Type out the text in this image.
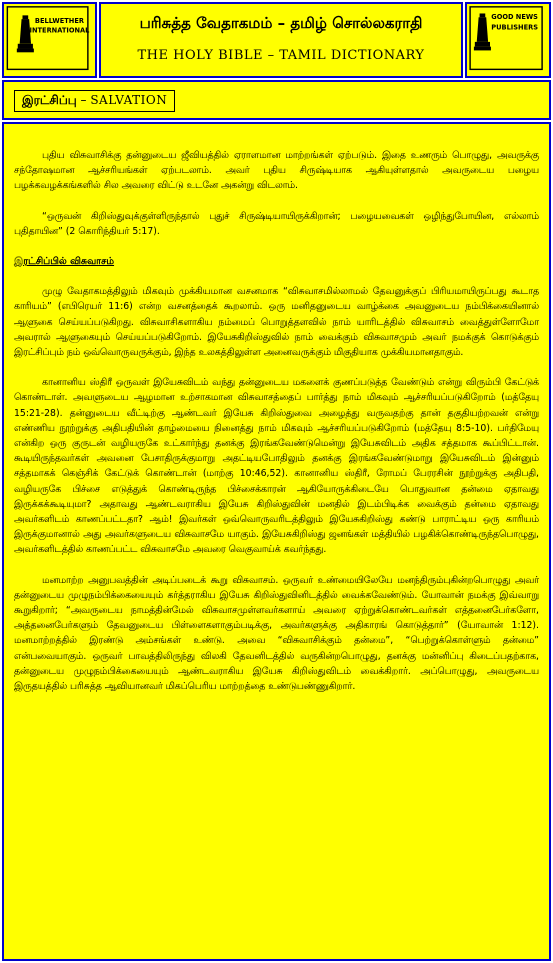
BELLWETHER
INTERNATIONAL	பரிசுத்த வேதாகமம் – தமிழ் சொல்லகராதி
THE HOLY BIBLE – TAMIL DICTIONARY
GOOD NEWS
PUBLISHERS
இரட்சிப்பு – SALVATION

புதிய விசுவாசிக்கு தன்னுடைய ஜீவியத்தில் ஏராளமான மாற்றங்கள் ஏற்படும். இதை உணரும் பொழுது, அவருக்கு சந்தோஷமான ஆச்சரியங்கள் ஏற்படலாம். அவர் புதிய சிருஷ்டியாக ஆகியுள்ளதால் அவருடைய பழைய பழக்கவழக்கங்களில் சில அவரை விட்டு உடனே அகன்று விடலாம்.

“ஒருவன் கிறிஸ்துவுக்குள்ளிருந்தால் புதுச் சிருஷ்டியாயிருக்கிறான்; பழையவைகள் ஒழிந்துபோயின, எல்லாம் புதிதாயின” (2 கொரிந்தியர் 5:17).

இரட்சிப்பில் விசுவாசம்

முழு வேதாகமத்திலும் மிகவும் முக்கியமான வசனமாக “விசுவாசமில்லாமல் தேவனுக்குப் பிரியமாயிருப்பது கூடாத காரியம்” (எபிரெயர் 11:6) என்ற வசனத்தைக் கூறலாம். ஒரு மனிதனுடைய வாழ்க்கை அவனுடைய நம்பிக்கையினால் ஆளுகை செய்யப்படுகிறது. விசுவாசிகளாகிய நம்மைப் பொறுத்தளவில் நாம் யாரிடத்தில் விசுவாசம் வைத்துள்ளோமோ அவரால் ஆளுகையும் செய்யப்படுகிறோம். இயேசுகிறிஸ்துவில் நாம் வைக்கும் விசுவாசமும் அவர் நமக்குக் கொடுக்கும் இரட்சிப்பும் நம் ஒவ்வொருவருக்கும், இந்த உலகத்திலுள்ள அனைவருக்கும் மிகுதியாக முக்கியமானதாகும்.

கானானிய ஸ்திரீ ஒருவள் இயேசுவிடம் வந்து தன்னுடைய மகளைக் குணப்படுத்த வேண்டும் என்று விரும்பி கேட்டுக் கொண்டாள். அவளுடைய ஆழமான உற்சாகமான விசுவாசத்தைப் பார்த்து நாம் மிகவும் ஆச்சரியப்படுகிறோம் (மத்தேயு 15:21-28). தன்னுடைய வீட்டிற்கு ஆண்டவர் இயேசு கிறிஸ்துவை அழைத்து வருவதற்கு தான் தகுதியற்றவன் என்று எண்ணிய நூற்றுக்கு அதிபதியின் தாழ்மையை நினைத்து நாம் மிகவும் ஆச்சரியப்படுகிறோம் (மத்தேயு 8:5-10). பர்திமேயு என்கிற ஒரு குருடன் வழியருகே உட்கார்ந்து தனக்கு இரங்கவேண்டுமென்று இயேசுவிடம் அதிக சத்தமாக கூப்பிட்டான். கூடியிருந்தவர்கள் அவனை பேசாதிருக்குமாறு அதட்டியபோதிலும் தனக்கு இரங்கவேண்டுமாறு இயேசுவிடம் இன்னும் சத்தமாகக் கெஞ்சிக் கேட்டுக் கொண்டான் (மாற்கு 10:46,52). கானானிய ஸ்திரீ, ரோமப் பேரரசின் நூற்றுக்கு அதிபதி, வழியருகே பிச்சை எடுத்துக் கொண்டிருந்த பிச்சைக்காரன் ஆகியோருக்கிடையே பொதுவான தன்மை ஏதாவது இருக்கக்கூடியுமா? அதாவது ஆண்டவராகிய இயேசு கிறிஸ்துவின் மனதில் இடம்பிடிக்க வைக்கும் தன்மை ஏதாவது அவர்களிடம் காணப்பட்டதா? ஆம்! இவர்கள் ஒவ்வொருவரிடத்திலும் இயேசுகிறிஸ்து கண்டு பாராட்டிய ஒரு காரியம் இருக்குமானால் அது அவர்களுடைய விசுவாசமே யாகும். இயேசுகிறிஸ்து ஜனங்கள் மத்தியில் பழகிக்கொண்டிருந்தபொழுது, அவர்களிடத்தில் காணப்பட்ட விசுவாசமே அவரை வெகுவாய்க் கவர்ந்தது.

மனமாற்ற அனுபவத்தின் அடிப்படைக் கூறு விசுவாசம். ஒருவர் உண்மையிலேயே மனந்திரும்புகின்றபொழுது அவர் தன்னுடைய முழுநம்பிக்கையையும் கர்த்தராகிய இயேசு கிறிஸ்துவினிடத்தில் வைக்கவேண்டும். யோவான் நமக்கு இவ்வாறு கூறுகிறார்; “அவருடைய நாமத்தின்மேல் விசுவாசமுள்ளவர்களாய் அவரை ஏற்றுக்கொண்டவர்கள் எத்தனைபேர்களோ, அத்தனைபேர்களும் தேவனுடைய பிள்ளைகளாகும்படிக்கு, அவர்களுக்கு அதிகாரங் கொடுத்தார்” (யோவான் 1:12). மனமாற்றத்தில் இரண்டு அம்சங்கள் உண்டு. அவை “விசுவாசிக்கும் தன்மை”, “பெற்றுக்கொள்ளும் தன்மை” என்பவையாகும். ஒருவர் பாவத்திலிருந்து விலகி தேவனிடத்தில் வருகின்றபொழுது, தனக்கு மன்னிப்பு கிடைப்பதற்காக, தன்னுடைய முழுநம்பிக்கையையும் ஆண்டவராகிய இயேசு கிறிஸ்துவிடம் வைக்கிறார். அப்பொழுது, அவருடைய இருதயத்தில் பரிசுத்த ஆவியானவர் மிகப்பெரிய மாற்றத்தை உண்டுபண்ணுகிறார்.
